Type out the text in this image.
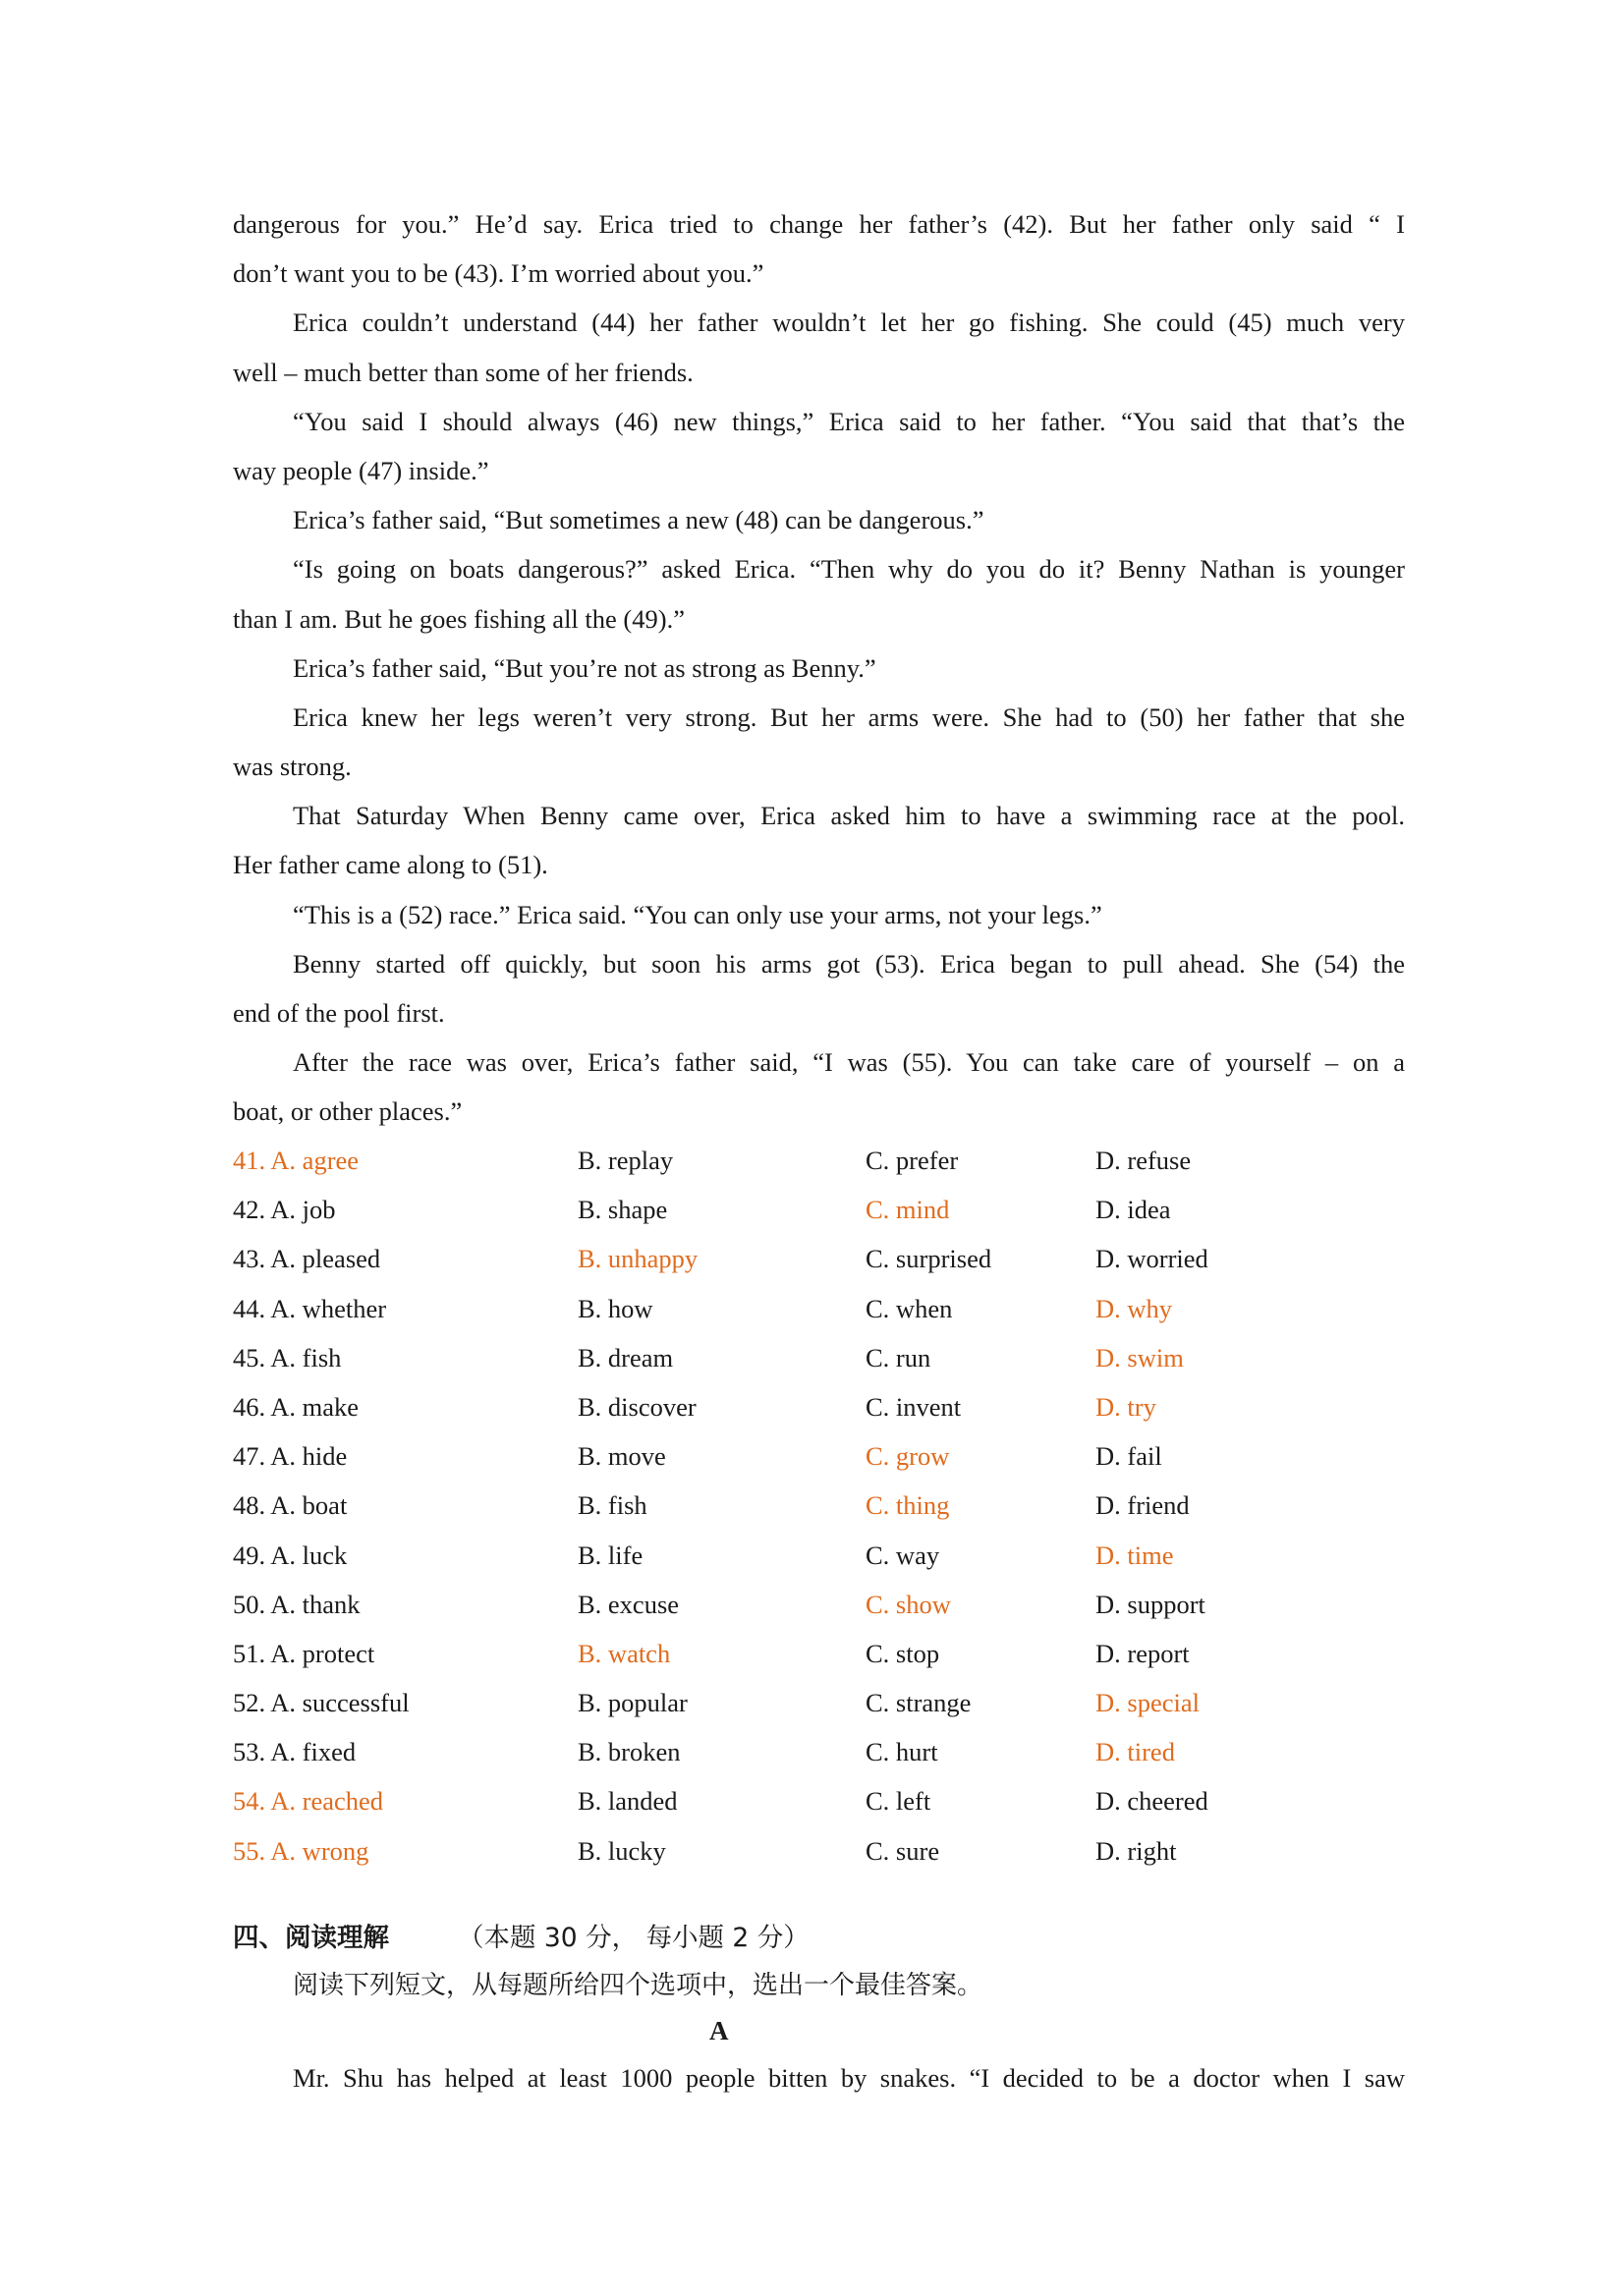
dangerous for you.” He’d say. Erica tried to change her father’s (42). But her father only said “ I
don’t want you to be (43). I’m worried about you.”
Erica couldn’t understand (44) her father wouldn’t let her go fishing. She could (45) much very
well – much better than some of her friends.
“You said I should always (46) new things,” Erica said to her father. “You said that that’s the
way people (47) inside.”
Erica’s father said, “But sometimes a new (48) can be dangerous.”
“Is going on boats dangerous?” asked Erica. “Then why do you do it? Benny Nathan is younger
than I am. But he goes fishing all the (49).”
Erica’s father said, “But you’re not as strong as Benny.”
Erica knew her legs weren’t very strong. But her arms were. She had to (50) her father that she
was strong.
That Saturday When Benny came over, Erica asked him to have a swimming race at the pool.
Her father came along to (51).
“This is a (52) race.” Erica said. “You can only use your arms, not your legs.”
Benny started off quickly, but soon his arms got (53). Erica began to pull ahead. She (54) the
end of the pool first.
After the race was over, Erica’s father said, “I was (55). You can take care of yourself – on a
boat, or other places.”
41. A. agree	B. replay	C. prefer	D. refuse
42. A. job	B. shape	C. mind	D. idea
43. A. pleased	B. unhappy	C. surprised	D. worried
44. A. whether	B. how	C. when	D. why
45. A. fish	B. dream	C. run	D. swim
46. A. make	B. discover	C. invent	D. try
47. A. hide	B. move	C. grow	D. fail
48. A. boat	B. fish	C. thing	D. friend
49. A. luck	B. life	C. way	D. time
50. A. thank	B. excuse	C. show	D. support
51. A. protect	B. watch	C. stop	D. report
52. A. successful	B. popular	C. strange	D. special
53. A. fixed	B. broken	C. hurt	D. tired
54. A. reached	B. landed	C. left	D. cheered
55. A. wrong	B. lucky	C. sure	D. right
四、阅读理解	（本题 30 分， 每小题 2 分）
阅读下列短文，从每题所给四个选项中，选出一个最佳答案。
A
Mr. Shu has helped at least 1000 people bitten by snakes. “I decided to be a doctor when I saw
